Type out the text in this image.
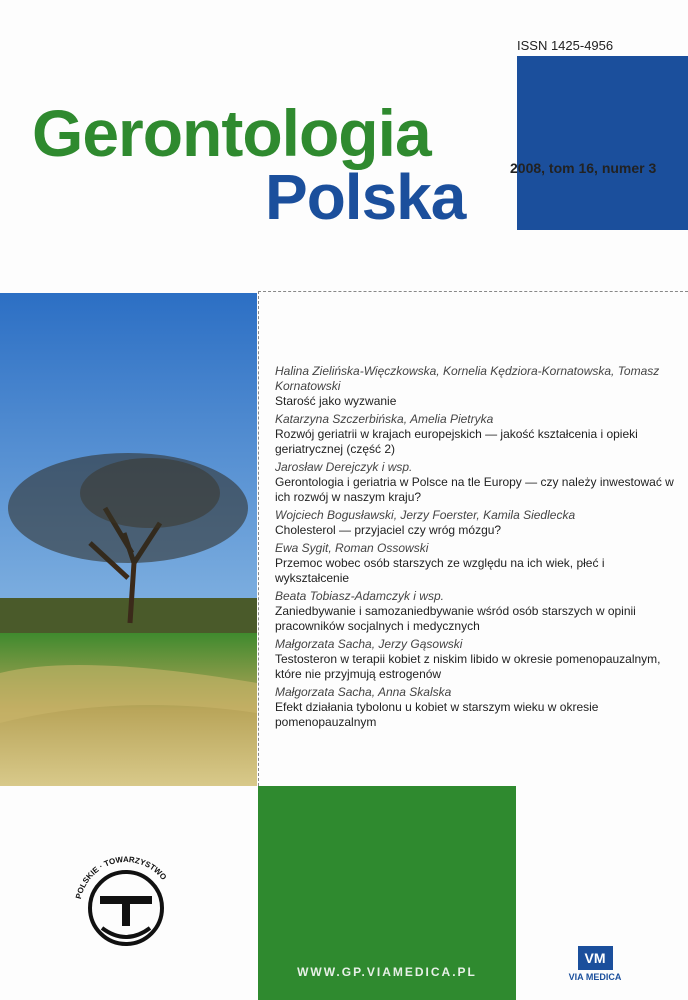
ISSN 1425-4956
Gerontologia
Polska	2008, tom 16, numer 3
Halina Zielińska-Więczkowska, Kornelia Kędziora-Kornatowska, Tomasz Kornatowski
Starość jako wyzwanie
Katarzyna Szczerbińska, Amelia Pietryka
Rozwój geriatrii w krajach europejskich — jakość kształcenia i opieki geriatrycznej (część 2)
Jarosław Derejczyk i wsp.
Gerontologia i geriatria w Polsce na tle Europy — czy należy inwestować w ich rozwój w naszym kraju?
Wojciech Bogusławski, Jerzy Foerster, Kamila Siedlecka
Cholesterol — przyjaciel czy wróg mózgu?
Ewa Sygit, Roman Ossowski
Przemoc wobec osób starszych ze względu na ich wiek, płeć i wykształcenie
Beata Tobiasz-Adamczyk i wsp.
Zaniedbywanie i samozaniedbywanie wśród osób starszych w opinii pracowników socjalnych i medycznych
Małgorzata Sacha, Jerzy Gąsowski
Testosteron w terapii kobiet z niskim libido w okresie pomenopauzalnym, które nie przyjmują estrogenów
Małgorzata Sacha, Anna Skalska
Efekt działania tybolonu u kobiet w starszym wieku w okresie pomenopauzalnym
WWW.GP.VIAMEDICA.PL
POLSKIE · TOWARZYSTWO
VM
VIA MEDICA
